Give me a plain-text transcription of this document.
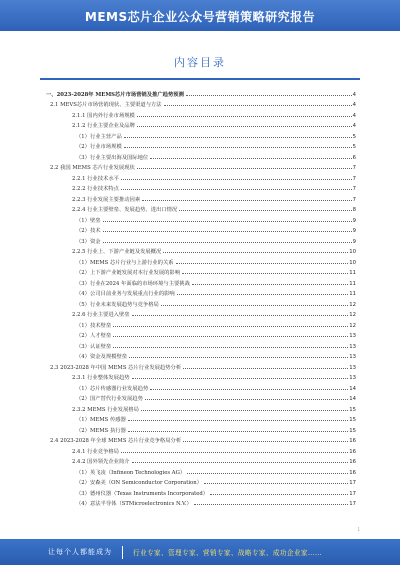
MEMS芯片企业公众号营销策略研究报告
内容目录
一、2023-2028年 MEMS芯片市场营销及推广趋势预测	4
2.1 MEVS芯片市场营销现状、主要渠道与方法	4
2.1.1 国内外行业市场规模	4
2.1.2 行业主要企业及品牌	4
（1）行业主营产品	5
（2）行业市场规模	5
（3）行业主要出海及国际地位	6
2.2 我国 MEMS 芯片行业发展现状	7
2.2.1 行业技术水平	7
2.2.2 行业技术特点	7
2.2.3 行业发展主要推动因素	7
2.2.4 行业主要壁垒、发展趋势、进出口情况	8
（1）壁垒	9
（2）技术	9
（3）资金	9
2.2.5 行业上、下游产业链及发展概况	10
（1）MEMS 芯片行业与上游行业的关系	10
（2）上下游产业链发展对本行业发展的影响	11
（3）行业在2024 年面临的市场环境与主要挑战	11
（4）公司目前业务与发展重点行业的影响	11
（5）行业未来发展趋势与竞争格局	12
2.2.6 行业主要进入壁垒	12
（1）技术壁垒	12
（2）人才壁垒	13
（3）认证壁垒	13
（4）资金及规模壁垒	13
2.3 2023-2028 年中国 MEMS 芯片行业发展趋势分析	13
2.3.1 行业整体发展趋势	13
（1）芯片传感器行业发展趋势	14
（2）国产替代行业发展趋势	14
2.3.2 MEMS 行业发展格局	15
（1）MEMS 传感器	15
（2）MEMS 执行器	15
2.4 2023-2028 年全球 MEMS 芯片行业竞争格局分析	16
2.4.1 行业竞争格局	16
2.4.2 国外领先企业简介	16
（1）英飞凌（Infineon Technologies AG）	16
（2）安森美（ON Semiconductor Corporation）	17
（3）德州仪器（Texas Instruments Incorporated）	17
（4）意法半导体（STMicroelectronics N.V.）	17
1
让每个人都能成为	行业专家、管理专家、营销专家、战略专家、成功企业家……
